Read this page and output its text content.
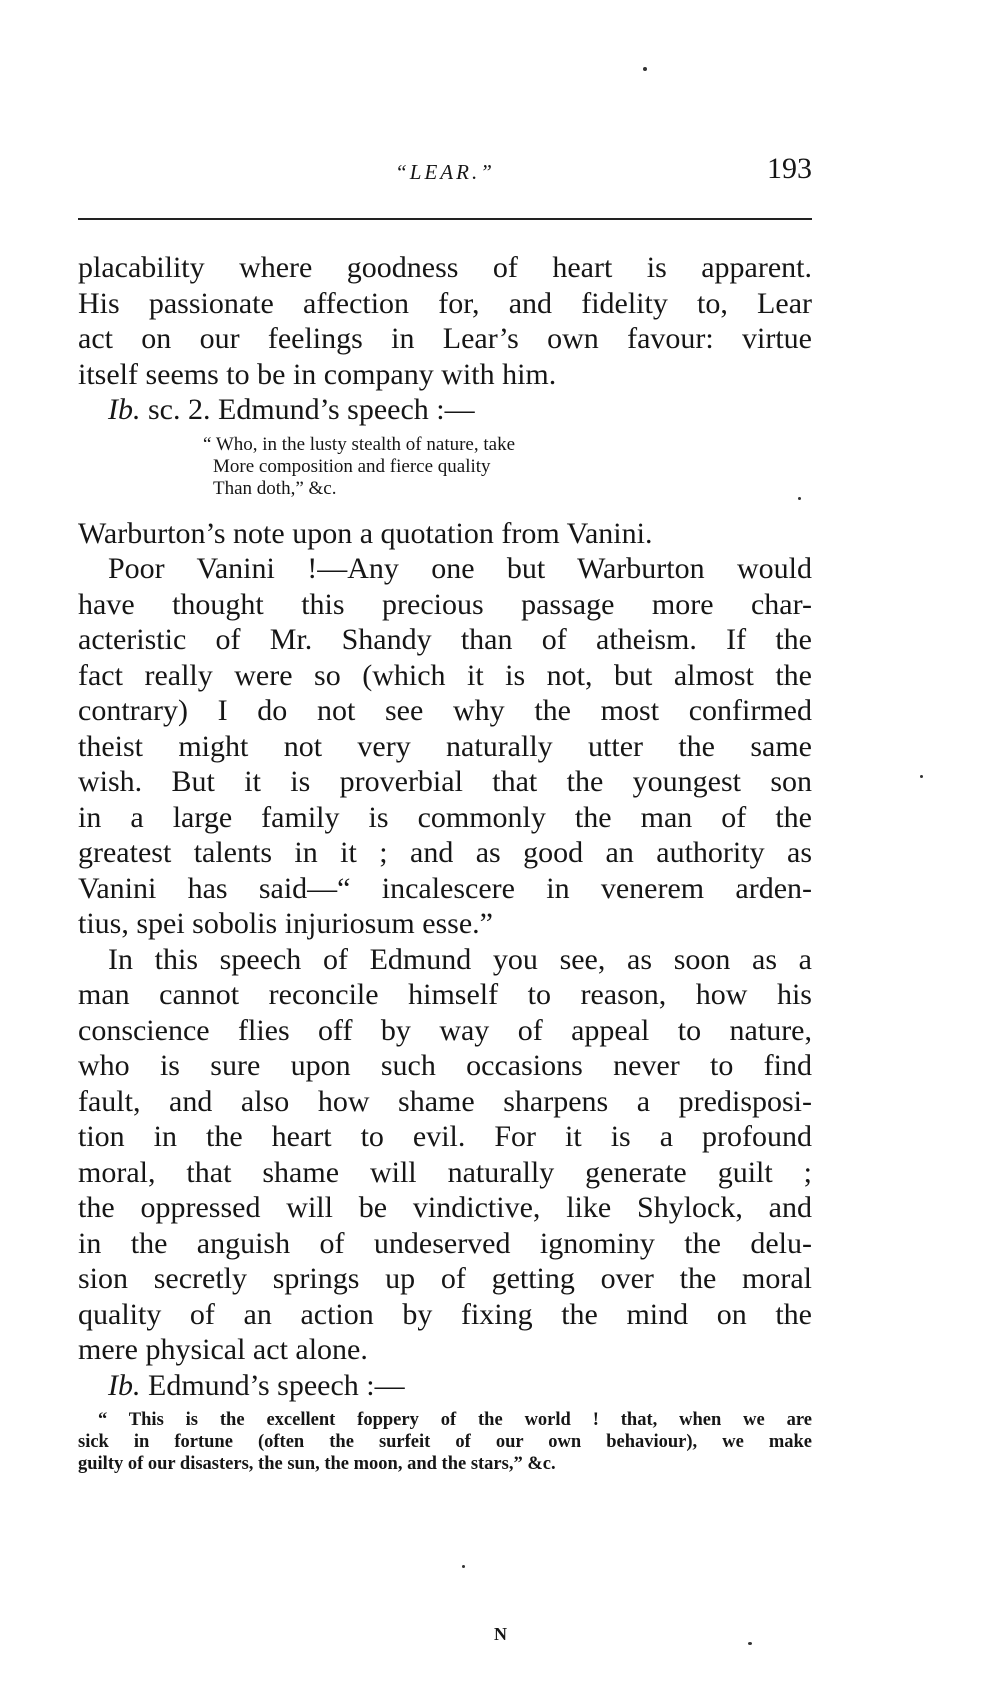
“LEAR.”	193
placability where goodness of heart is apparent.
His passionate affection for, and fidelity to, Lear
act on our feelings in Lear’s own favour: virtue
itself seems to be in company with him.
Ib. sc. 2. Edmund’s speech :—
“ Who, in the lusty stealth of nature, take
More composition and fierce quality
Than doth,” &c.
Warburton’s note upon a quotation from Vanini.
Poor Vanini !—Any one but Warburton would
have thought this precious passage more char-
acteristic of Mr. Shandy than of atheism. If the
fact really were so (which it is not, but almost the
contrary) I do not see why the most confirmed
theist might not very naturally utter the same
wish. But it is proverbial that the youngest son
in a large family is commonly the man of the
greatest talents in it ; and as good an authority as
Vanini has said—“ incalescere in venerem arden-
tius, spei sobolis injuriosum esse.”
In this speech of Edmund you see, as soon as a
man cannot reconcile himself to reason, how his
conscience flies off by way of appeal to nature,
who is sure upon such occasions never to find
fault, and also how shame sharpens a predisposi-
tion in the heart to evil. For it is a profound
moral, that shame will naturally generate guilt ;
the oppressed will be vindictive, like Shylock, and
in the anguish of undeserved ignominy the delu-
sion secretly springs up of getting over the moral
quality of an action by fixing the mind on the
mere physical act alone.
Ib. Edmund’s speech :—
“ This is the excellent foppery of the world ! that, when we are
sick in fortune (often the surfeit of our own behaviour), we make
guilty of our disasters, the sun, the moon, and the stars,” &c.
N
